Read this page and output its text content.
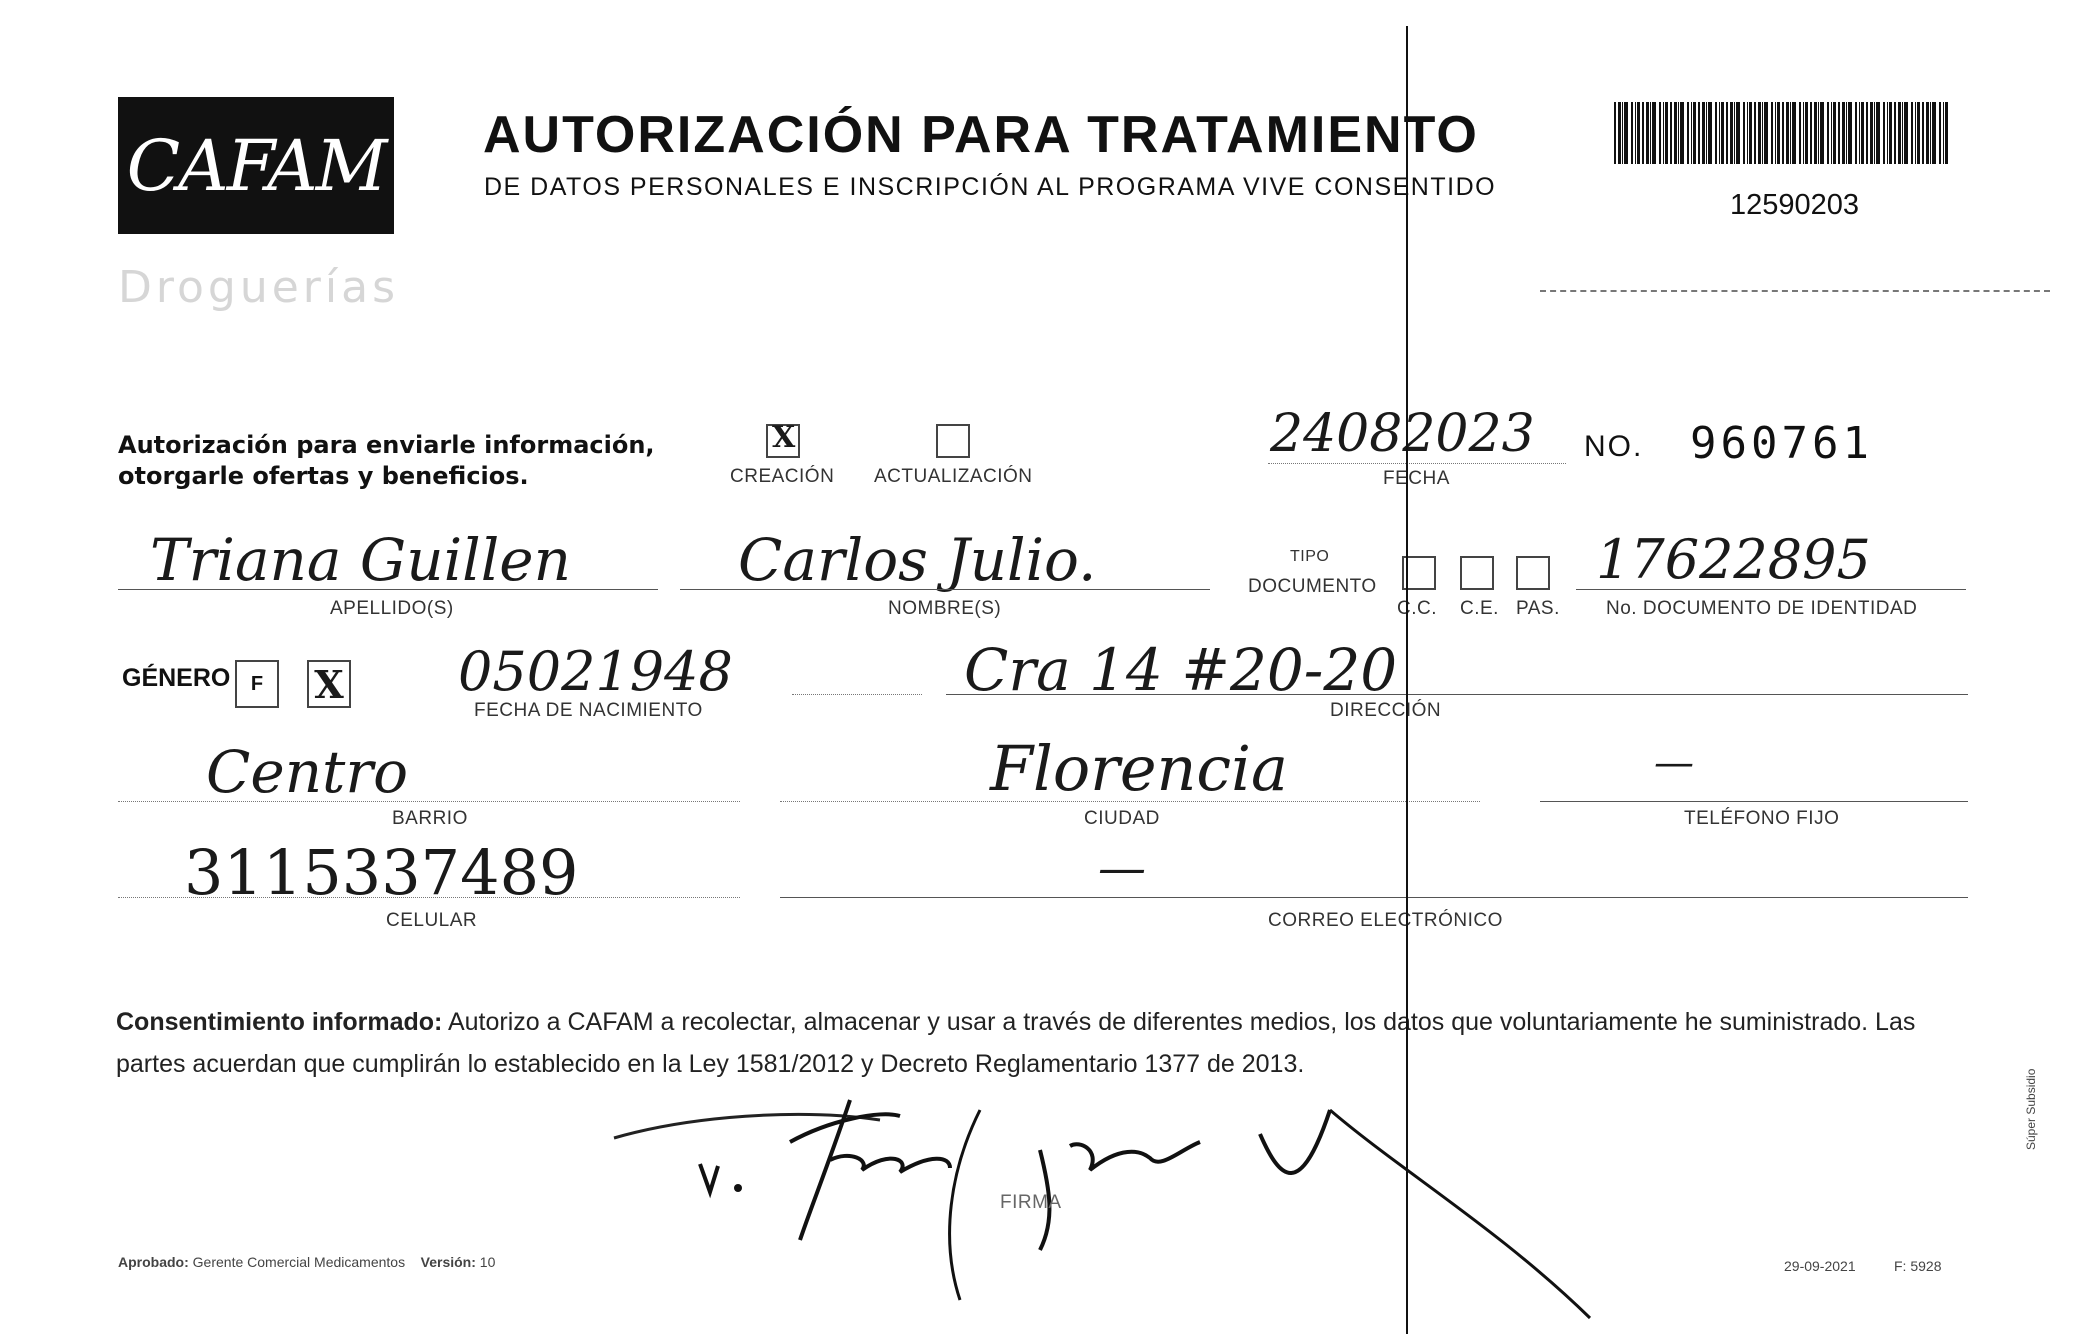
CAFAM
Droguerías
AUTORIZACIÓN PARA TRATAMIENTO
DE DATOS PERSONALES E INSCRIPCIÓN AL PROGRAMA VIVE CONSENTIDO
12590203
Autorización para enviarle información,
otorgarle ofertas y beneficios.
X
CREACIÓN ACTUALIZACIÓN
24082023
FECHA
NO. 960761
Triana Guillen
APELLIDO(S)
Carlos Julio.
NOMBRE(S)
TIPO
DOCUMENTO
C.C. C.E. PAS.
17622895
No. DOCUMENTO DE IDENTIDAD
GÉNERO F X 05021948
FECHA DE NACIMIENTO
Cra 14 #20-20
DIRECCIÓN
Centro
BARRIO
Florencia
CIUDAD
—
TELÉFONO FIJO
3115337489
CELULAR
—
CORREO ELECTRÓNICO
Consentimiento informado: Autorizo a CAFAM a recolectar, almacenar y usar a través de diferentes medios, los datos que voluntariamente he suministrado. Las partes acuerdan que cumplirán lo establecido en la Ley 1581/2012 y Decreto Reglamentario 1377 de 2013.
FIRMA
Aprobado: Gerente Comercial Medicamentos Versión: 10	29-09-2021	F: 5928
Súper Subsidio
